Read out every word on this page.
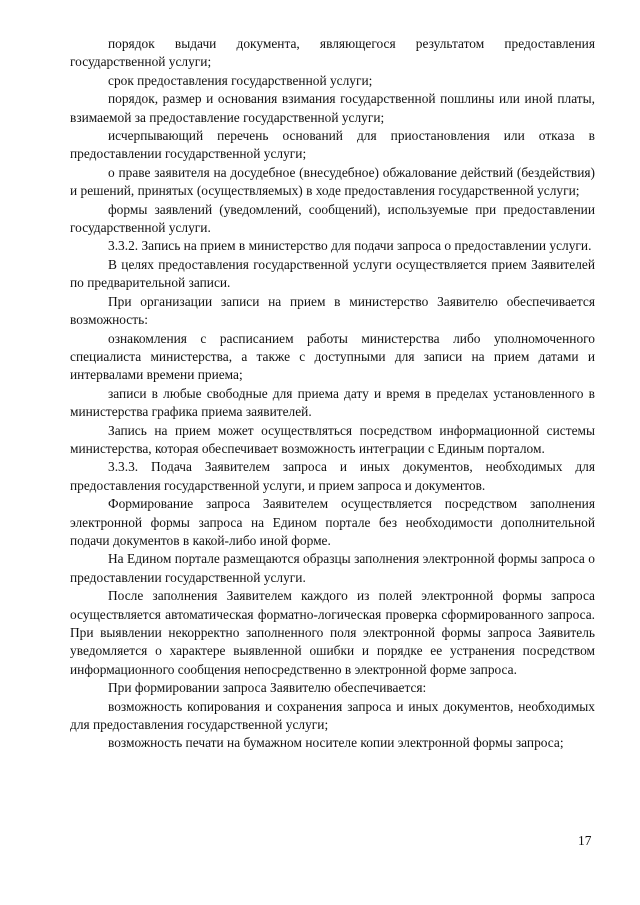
порядок выдачи документа, являющегося результатом предоставления государственной услуги;

срок предоставления государственной услуги;

порядок, размер и основания взимания государственной пошлины или иной платы, взимаемой за предоставление государственной услуги;

исчерпывающий перечень оснований для приостановления или отказа в предоставлении государственной услуги;

о праве заявителя на досудебное (внесудебное) обжалование действий (бездействия) и решений, принятых (осуществляемых) в ходе предоставления государственной услуги;

формы заявлений (уведомлений, сообщений), используемые при предоставлении государственной услуги.

3.3.2. Запись на прием в министерство для подачи запроса о предоставлении услуги.

В целях предоставления государственной услуги осуществляется прием Заявителей по предварительной записи.

При организации записи на прием в министерство Заявителю обеспечивается возможность:

ознакомления с расписанием работы министерства либо уполномоченного специалиста министерства, а также с доступными для записи на прием датами и интервалами времени приема;

записи в любые свободные для приема дату и время в пределах установленного в министерства графика приема заявителей.

Запись на прием может осуществляться посредством информационной системы министерства, которая обеспечивает возможность интеграции с Единым порталом.

3.3.3. Подача Заявителем запроса и иных документов, необходимых для предоставления государственной услуги, и прием запроса и документов.

Формирование запроса Заявителем осуществляется посредством заполнения электронной формы запроса на Едином портале без необходимости дополнительной подачи документов в какой-либо иной форме.

На Едином портале размещаются образцы заполнения электронной формы запроса о предоставлении государственной услуги.

После заполнения Заявителем каждого из полей электронной формы запроса осуществляется автоматическая форматно-логическая проверка сформированного запроса. При выявлении некорректно заполненного поля электронной формы запроса Заявитель уведомляется о характере выявленной ошибки и порядке ее устранения посредством информационного сообщения непосредственно в электронной форме запроса.

При формировании запроса Заявителю обеспечивается:

возможность копирования и сохранения запроса и иных документов, необходимых для предоставления государственной услуги;

возможность печати на бумажном носителе копии электронной формы запроса;

17
